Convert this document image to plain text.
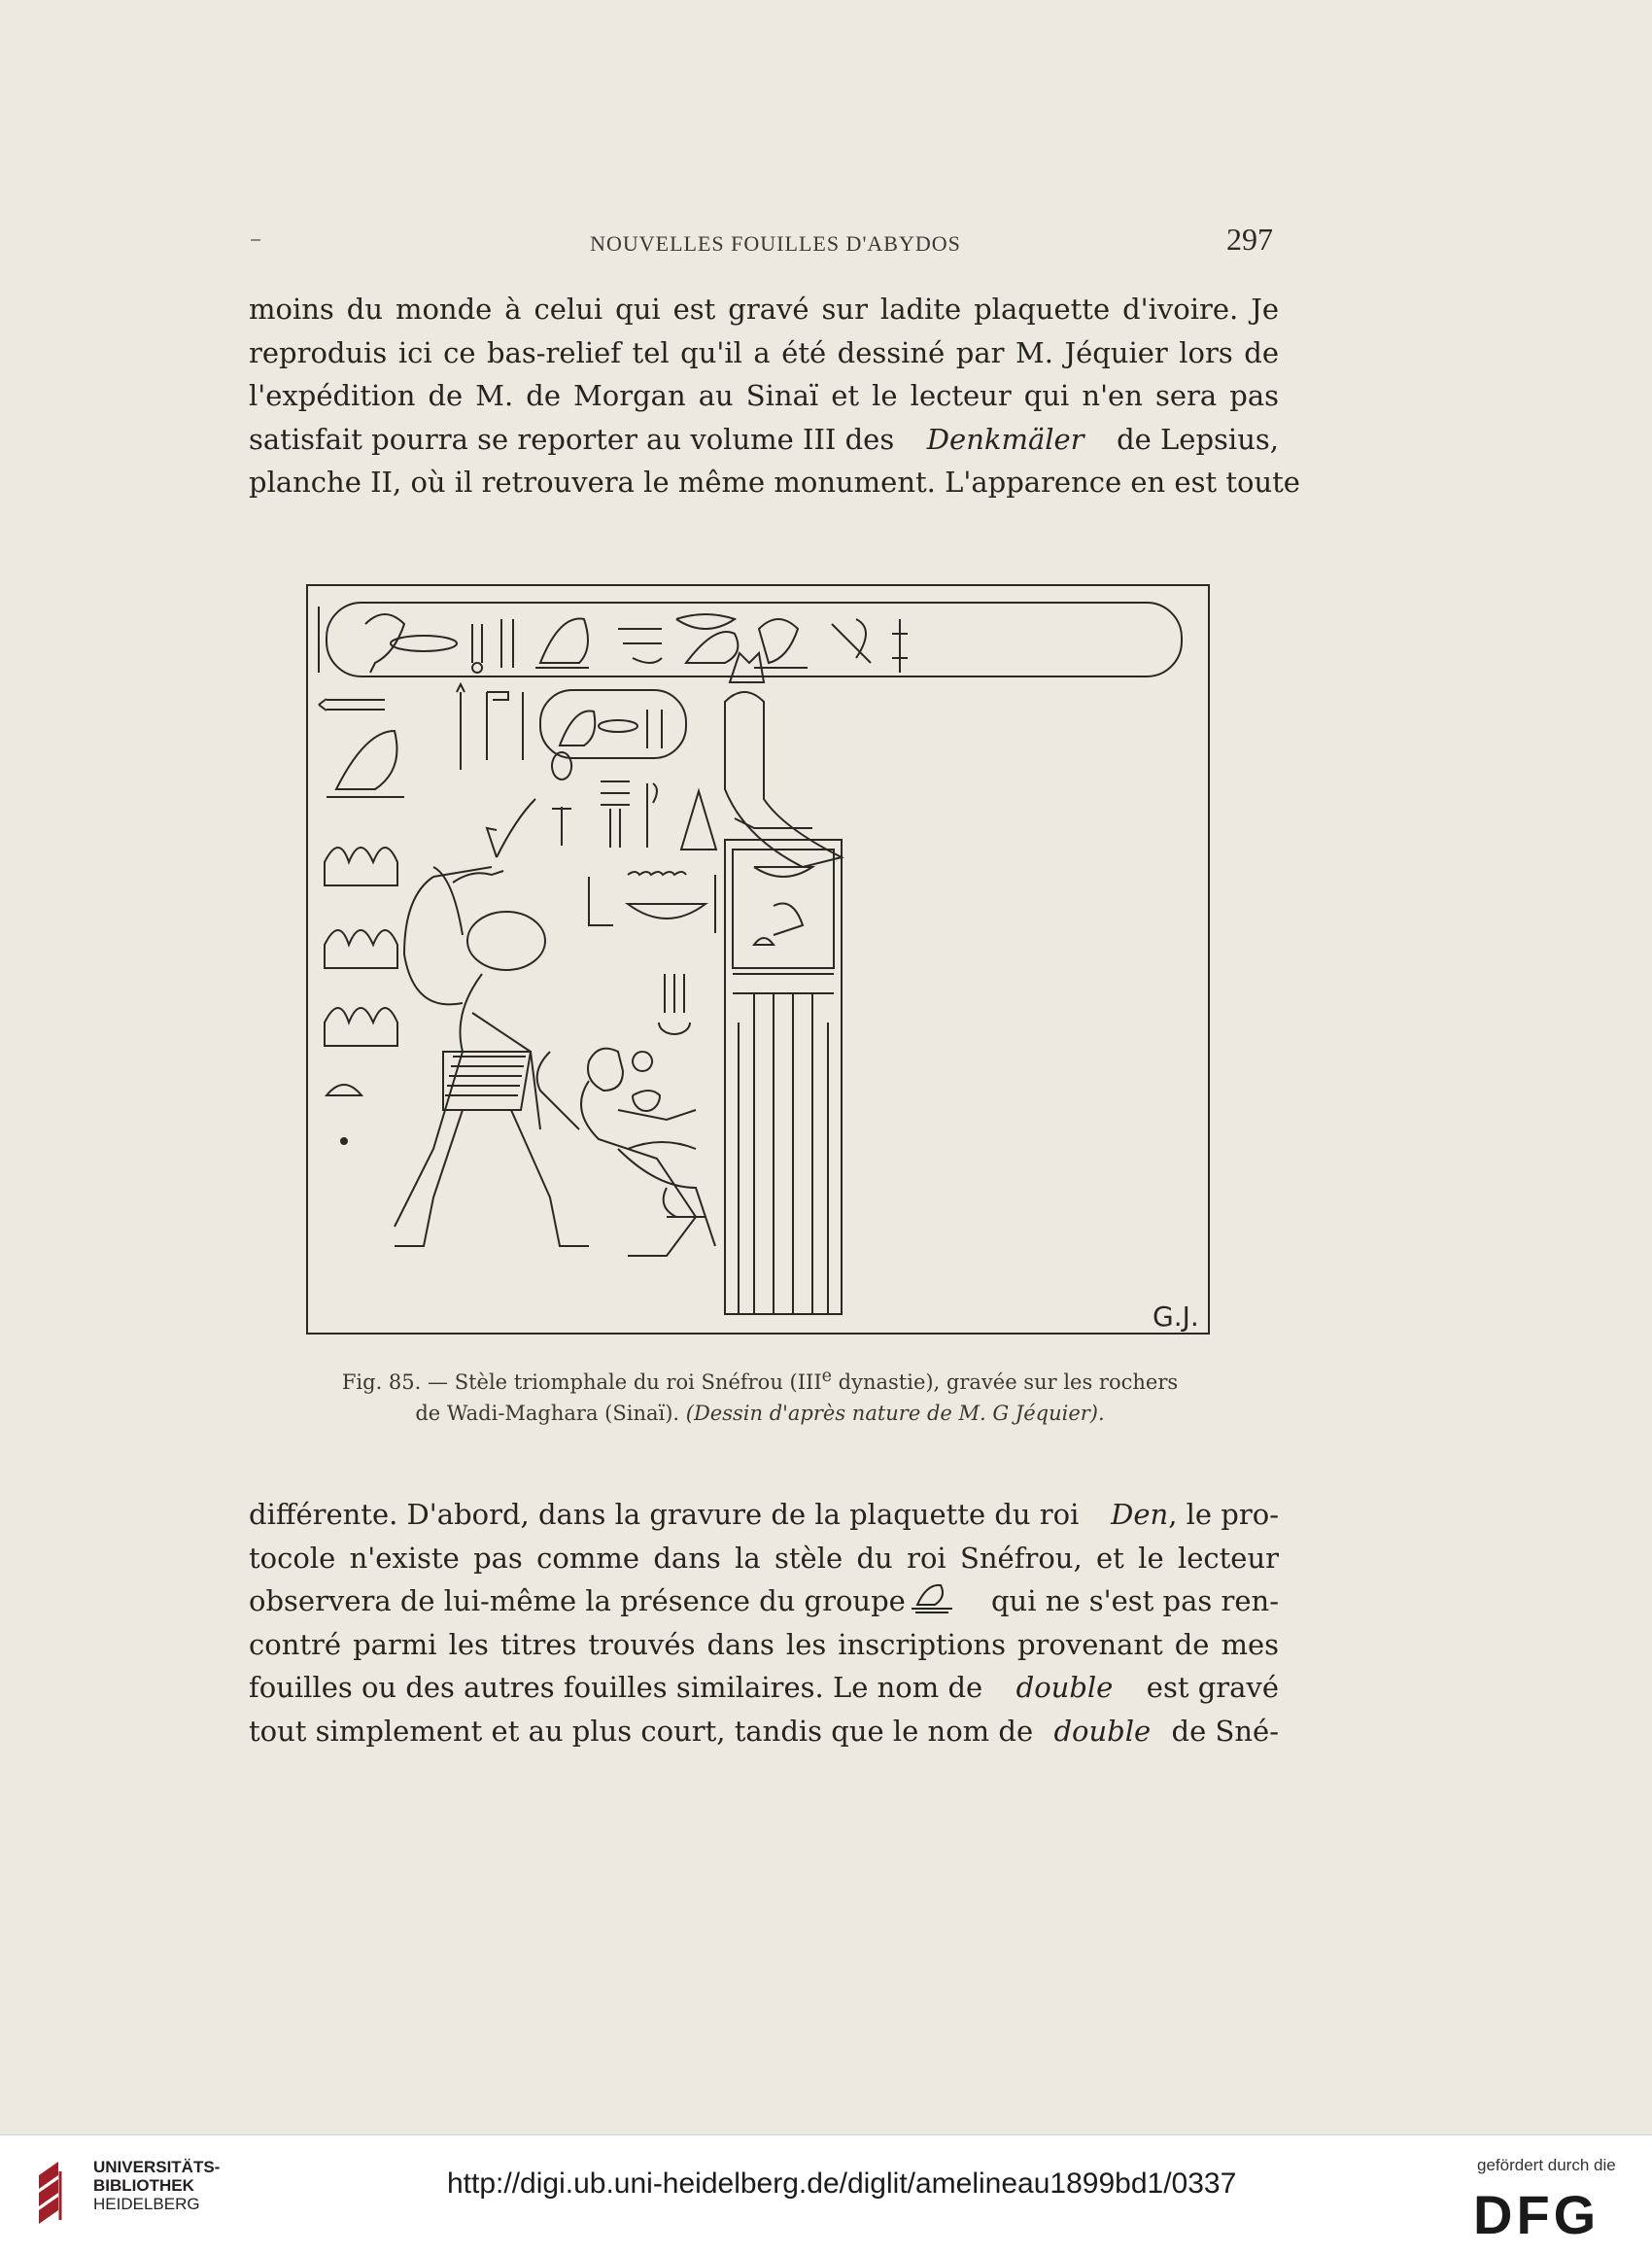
NOUVELLES FOUILLES D'ABYDOS	297
moins du monde à celui qui est gravé sur ladite plaquette d'ivoire. Je
reproduis ici ce bas-relief tel qu'il a été dessiné par M. Jéquier lors de
l'expédition de M. de Morgan au Sinaï et le lecteur qui n'en sera pas
satisfait pourra se reporter au volume III des Denkmäler de Lepsius,
planche II, où il retrouvera le même monument. L'apparence en est toute
G.J.
Fig. 85. — Stèle triomphale du roi Snéfrou (IIIe dynastie), gravée sur les rochers
de Wadi-Maghara (Sinaï). (Dessin d'après nature de M. G Jéquier).
différente. D'abord, dans la gravure de la plaquette du roi Den, le pro-
tocole n'existe pas comme dans la stèle du roi Snéfrou, et le lecteur
observera de lui-même la présence du groupe	qui ne s'est pas ren-
contré parmi les titres trouvés dans les inscriptions provenant de mes
fouilles ou des autres fouilles similaires. Le nom de double est gravé
tout simplement et au plus court, tandis que le nom de double de Sné-
UNIVERSITÄTS-
BIBLIOTHEK
HEIDELBERG
http://digi.ub.uni-heidelberg.de/diglit/amelineau1899bd1/0337
gefördert durch die
DFG
